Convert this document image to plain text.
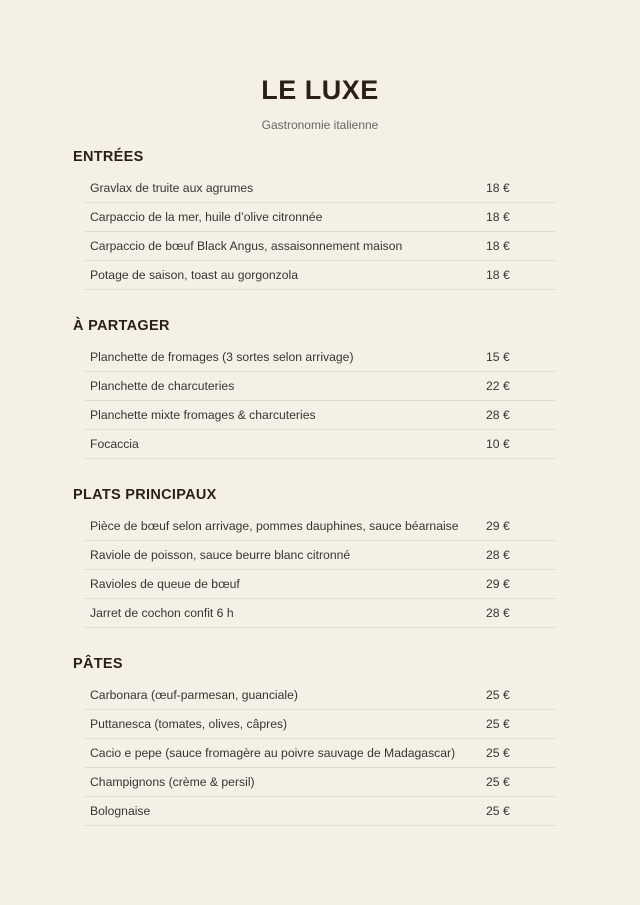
LE LUXE
Gastronomie italienne
ENTRÉES
Gravlax de truite aux agrumes	18 €
Carpaccio de la mer, huile d’olive citronnée	18 €
Carpaccio de bœuf Black Angus, assaisonnement maison	18 €
Potage de saison, toast au gorgonzola	18 €
À PARTAGER
Planchette de fromages (3 sortes selon arrivage)	15 €
Planchette de charcuteries	22 €
Planchette mixte fromages & charcuteries	28 €
Focaccia	10 €
PLATS PRINCIPAUX
Pièce de bœuf selon arrivage, pommes dauphines, sauce béarnaise 29 €
Raviole de poisson, sauce beurre blanc citronné	28 €
Ravioles de queue de bœuf	29 €
Jarret de cochon confit 6 h	28 €
PÂTES
Carbonara (œuf-parmesan, guanciale)	25 €
Puttanesca (tomates, olives, câpres)	25 €
Cacio e pepe (sauce fromagère au poivre sauvage de Madagascar)	25 €
Champignons (crème & persil)	25 €
Bolognaise	25 €
